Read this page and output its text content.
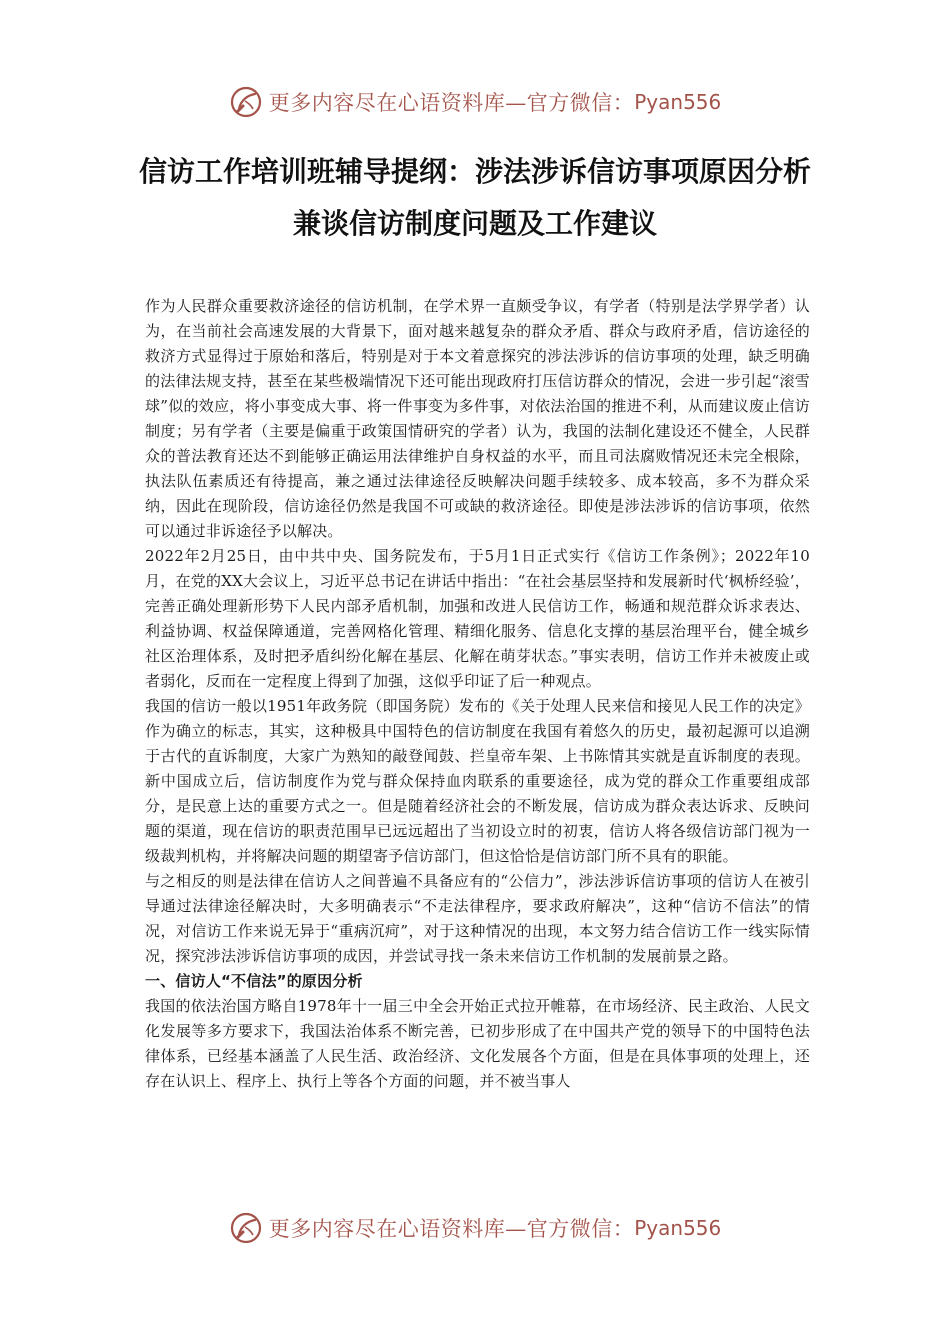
更多内容尽在心语资料库—官方微信： Pyan556
信访工作培训班辅导提纲：涉法涉诉信访事项原因分析兼谈信访制度问题及工作建议

作为人民群众重要救济途径的信访机制，在学术界一直颇受争议，有学者（特别是法学界学者）认为，在当前社会高速发展的大背景下，面对越来越复杂的群众矛盾、群众与政府矛盾，信访途径的救济方式显得过于原始和落后，特别是对于本文着意探究的涉法涉诉的信访事项的处理，缺乏明确的法律法规支持，甚至在某些极端情况下还可能出现政府打压信访群众的情况，会进一步引起“滚雪球”似的效应，将小事变成大事、将一件事变为多件事，对依法治国的推进不利，从而建议废止信访制度；另有学者（主要是偏重于政策国情研究的学者）认为，我国的法制化建设还不健全，人民群众的普法教育还达不到能够正确运用法律维护自身权益的水平，而且司法腐败情况还未完全根除，执法队伍素质还有待提高，兼之通过法律途径反映解决问题手续较多、成本较高，多不为群众采纳，因此在现阶段，信访途径仍然是我国不可或缺的救济途径。即使是涉法涉诉的信访事项，依然可以通过非诉途径予以解决。

2022年2月25日，由中共中央、国务院发布，于5月1日正式实行《信访工作条例》；2022年10月，在党的XX大会议上，习近平总书记在讲话中指出：“在社会基层坚持和发展新时代‘枫桥经验’，完善正确处理新形势下人民内部矛盾机制，加强和改进人民信访工作，畅通和规范群众诉求表达、利益协调、权益保障通道，完善网格化管理、精细化服务、信息化支撑的基层治理平台，健全城乡社区治理体系，及时把矛盾纠纷化解在基层、化解在萌芽状态。”事实表明，信访工作并未被废止或者弱化，反而在一定程度上得到了加强，这似乎印证了后一种观点。

我国的信访一般以1951年政务院（即国务院）发布的《关于处理人民来信和接见人民工作的决定》作为确立的标志，其实，这种极具中国特色的信访制度在我国有着悠久的历史，最初起源可以追溯于古代的直诉制度，大家广为熟知的敲登闻鼓、拦皇帝车架、上书陈情其实就是直诉制度的表现。新中国成立后，信访制度作为党与群众保持血肉联系的重要途径，成为党的群众工作重要组成部分，是民意上达的重要方式之一。但是随着经济社会的不断发展，信访成为群众表达诉求、反映问题的渠道，现在信访的职责范围早已远远超出了当初设立时的初衷，信访人将各级信访部门视为一级裁判机构，并将解决问题的期望寄予信访部门，但这恰恰是信访部门所不具有的职能。

与之相反的则是法律在信访人之间普遍不具备应有的“公信力”，涉法涉诉信访事项的信访人在被引导通过法律途径解决时，大多明确表示“不走法律程序，要求政府解决”，这种“信访不信法”的情况，对信访工作来说无异于“重病沉疴”，对于这种情况的出现，本文努力结合信访工作一线实际情况，探究涉法涉诉信访事项的成因，并尝试寻找一条未来信访工作机制的发展前景之路。

一、信访人“不信法”的原因分析

我国的依法治国方略自1978年十一届三中全会开始正式拉开帷幕，在市场经济、民主政治、人民文化发展等多方要求下，我国法治体系不断完善，已初步形成了在中国共产党的领导下的中国特色法律体系，已经基本涵盖了人民生活、政治经济、文化发展各个方面，但是在具体事项的处理上，还存在认识上、程序上、执行上等各个方面的问题，并不被当事人

更多内容尽在心语资料库—官方微信： Pyan556
